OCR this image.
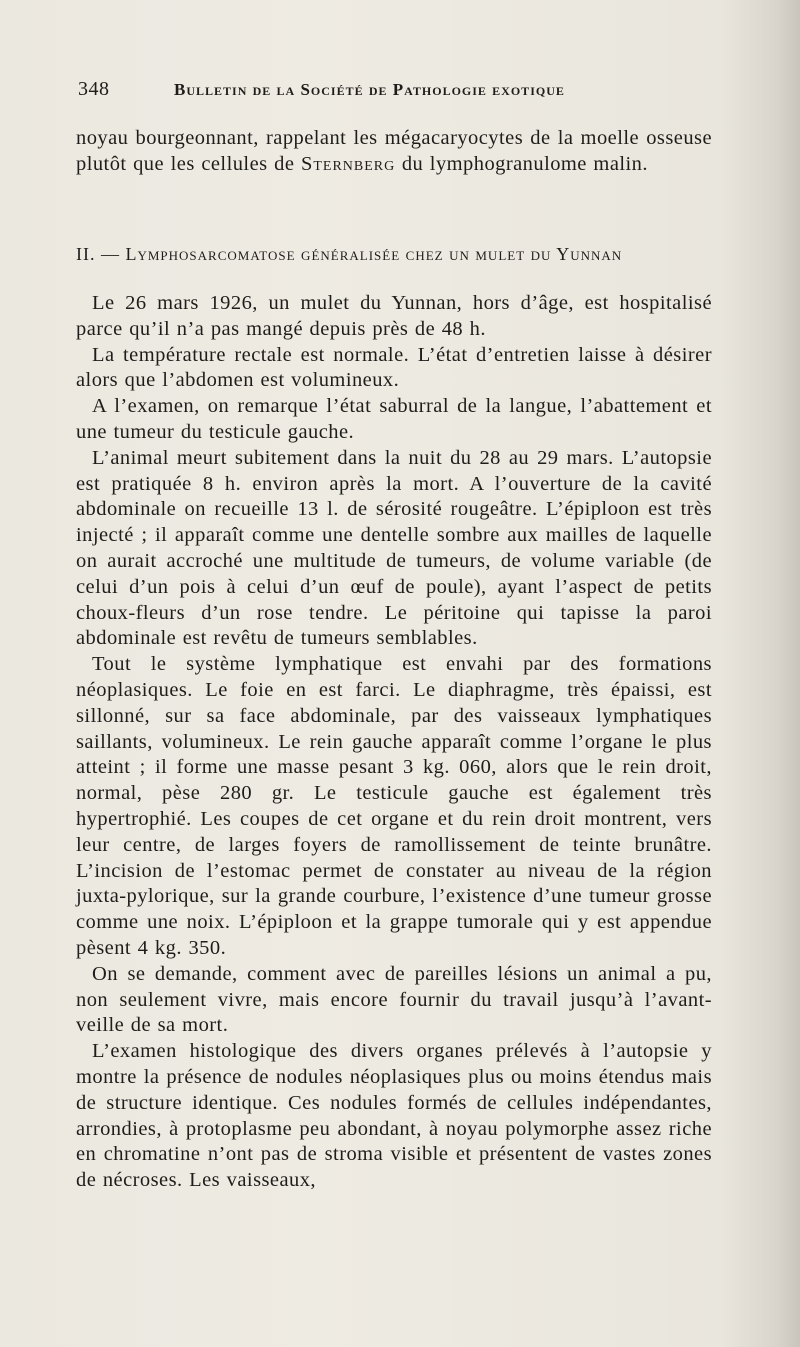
348	Bulletin de la Société de Pathologie exotique

noyau bourgeonnant, rappelant les mégacaryocytes de la moelle osseuse plutôt que les cellules de Sternberg du lymphogranulome malin.

II. — Lymphosarcomatose généralisée chez un mulet du Yunnan

Le 26 mars 1926, un mulet du Yunnan, hors d’âge, est hospitalisé parce qu’il n’a pas mangé depuis près de 48 h.

La température rectale est normale. L’état d’entretien laisse à désirer alors que l’abdomen est volumineux.

A l’examen, on remarque l’état saburral de la langue, l’abattement et une tumeur du testicule gauche.

L’animal meurt subitement dans la nuit du 28 au 29 mars. L’autopsie est pratiquée 8 h. environ après la mort. A l’ouverture de la cavité abdominale on recueille 13 l. de sérosité rougeâtre. L’épiploon est très injecté ; il apparaît comme une dentelle sombre aux mailles de laquelle on aurait accroché une multitude de tumeurs, de volume variable (de celui d’un pois à celui d’un œuf de poule), ayant l’aspect de petits choux-fleurs d’un rose tendre. Le péritoine qui tapisse la paroi abdominale est revêtu de tumeurs semblables.

Tout le système lymphatique est envahi par des formations néoplasiques. Le foie en est farci. Le diaphragme, très épaissi, est sillonné, sur sa face abdominale, par des vaisseaux lymphatiques saillants, volumineux. Le rein gauche apparaît comme l’organe le plus atteint ; il forme une masse pesant 3 kg. 060, alors que le rein droit, normal, pèse 280 gr. Le testicule gauche est également très hypertrophié. Les coupes de cet organe et du rein droit montrent, vers leur centre, de larges foyers de ramollissement de teinte brunâtre. L’incision de l’estomac permet de constater au niveau de la région juxta-pylorique, sur la grande courbure, l’existence d’une tumeur grosse comme une noix. L’épiploon et la grappe tumorale qui y est appendue pèsent 4 kg. 350.

On se demande, comment avec de pareilles lésions un animal a pu, non seulement vivre, mais encore fournir du travail jusqu’à l’avant-veille de sa mort.

L’examen histologique des divers organes prélevés à l’autopsie y montre la présence de nodules néoplasiques plus ou moins étendus mais de structure identique. Ces nodules formés de cellules indépendantes, arrondies, à protoplasme peu abondant, à noyau polymorphe assez riche en chromatine n’ont pas de stroma visible et présentent de vastes zones de nécroses. Les vaisseaux,
